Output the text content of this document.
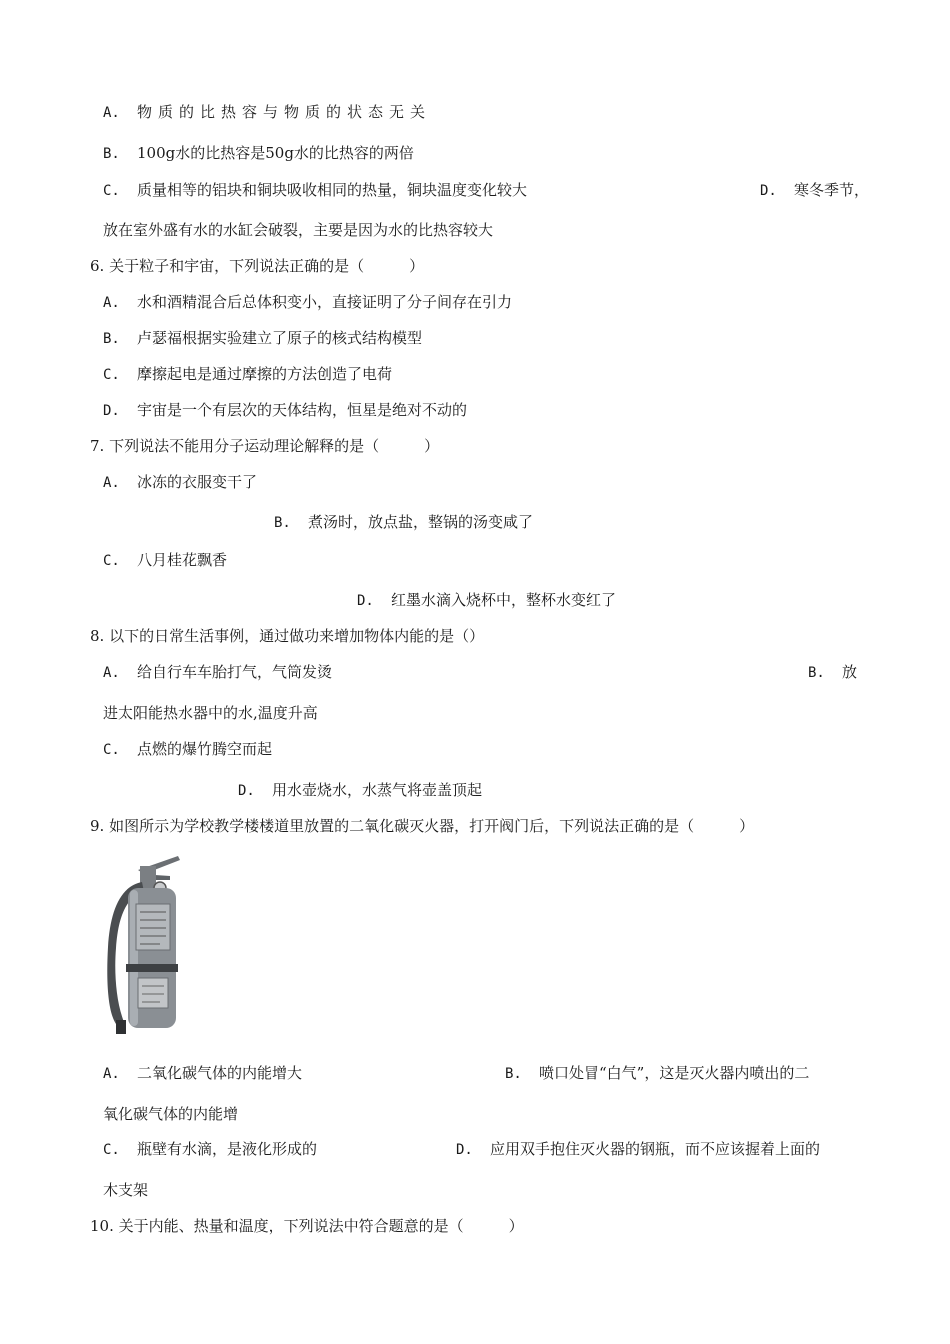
A. 物质的比热容与物质的状态无关
B. 100g水的比热容是50g水的比热容的两倍
C. 质量相等的铝块和铜块吸收相同的热量，铜块温度变化较大	D. 寒冬季节，
放在室外盛有水的水缸会破裂，主要是因为水的比热容较大
6. 关于粒子和宇宙，下列说法正确的是（　　　）
A. 水和酒精混合后总体积变小，直接证明了分子间存在引力
B. 卢瑟福根据实验建立了原子的核式结构模型
C. 摩擦起电是通过摩擦的方法创造了电荷
D. 宇宙是一个有层次的天体结构，恒星是绝对不动的
7. 下列说法不能用分子运动理论解释的是（　　　）
A. 冰冻的衣服变干了
B. 煮汤时，放点盐，整锅的汤变咸了
C. 八月桂花飘香
D. 红墨水滴入烧杯中，整杯水变红了
8. 以下的日常生活事例，通过做功来增加物体内能的是（）
A. 给自行车车胎打气，气筒发烫	B. 放
进太阳能热水器中的水,温度升高
C. 点燃的爆竹腾空而起
D. 用水壶烧水，水蒸气将壶盖顶起
9. 如图所示为学校教学楼楼道里放置的二氧化碳灭火器，打开阀门后，下列说法正确的是（　　　）
A. 二氧化碳气体的内能增大	B. 喷口处冒“白气”，这是灭火器内喷出的二
氧化碳气体的内能增
C. 瓶壁有水滴，是液化形成的	D. 应用双手抱住灭火器的钢瓶，而不应该握着上面的
木支架
10. 关于内能、热量和温度，下列说法中符合题意的是（　　　）
